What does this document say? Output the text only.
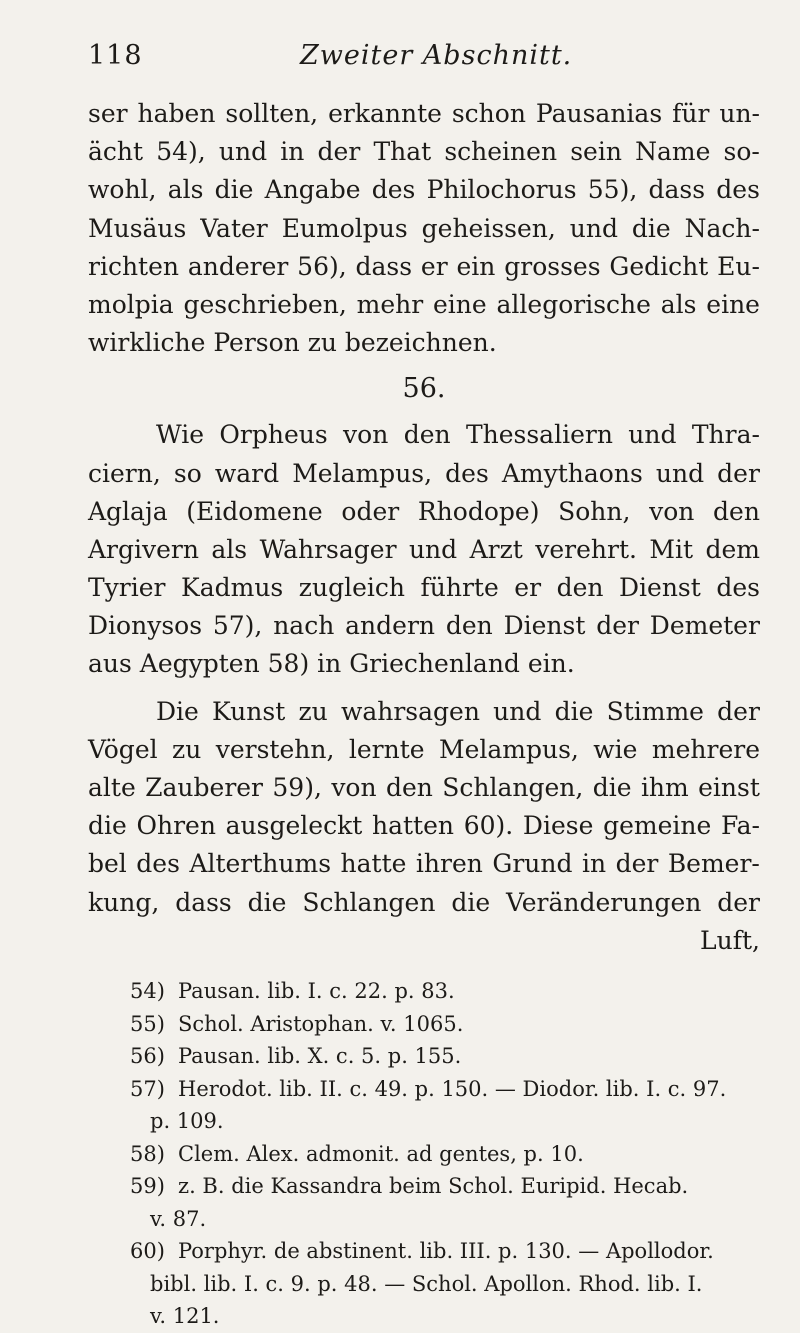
118	Zweiter Abschnitt.
ser haben sollten, erkannte schon Pausanias für un-
ächt 54), und in der That scheinen sein Name so-
wohl, als die Angabe des Philochorus 55), dass des
Musäus Vater Eumolpus geheissen, und die Nach-
richten anderer 56), dass er ein grosses Gedicht Eu-
molpia geschrieben, mehr eine allegorische als eine
wirkliche Person zu bezeichnen.
56.
Wie Orpheus von den Thessaliern und Thra-
ciern, so ward Melampus, des Amythaons und der
Aglaja (Eidomene oder Rhodope) Sohn, von den
Argivern als Wahrsager und Arzt verehrt. Mit dem
Tyrier Kadmus zugleich führte er den Dienst des
Dionysos 57), nach andern den Dienst der Demeter
aus Aegypten 58) in Griechenland ein.
Die Kunst zu wahrsagen und die Stimme der
Vögel zu verstehn, lernte Melampus, wie mehrere
alte Zauberer 59), von den Schlangen, die ihm einst
die Ohren ausgeleckt hatten 60). Diese gemeine Fa-
bel des Alterthums hatte ihren Grund in der Bemer-
kung, dass die Schlangen die Veränderungen der
Luft,
54) Pausan. lib. I. c. 22. p. 83.
55) Schol. Aristophan. v. 1065.
56) Pausan. lib. X. c. 5. p. 155.
57) Herodot. lib. II. c. 49. p. 150. — Diodor. lib. I. c. 97.
p. 109.
58) Clem. Alex. admonit. ad gentes, p. 10.
59) z. B. die Kassandra beim Schol. Euripid. Hecab.
v. 87.
60) Porphyr. de abstinent. lib. III. p. 130. — Apollodor.
bibl. lib. I. c. 9. p. 48. — Schol. Apollon. Rhod. lib. I.
v. 121.
